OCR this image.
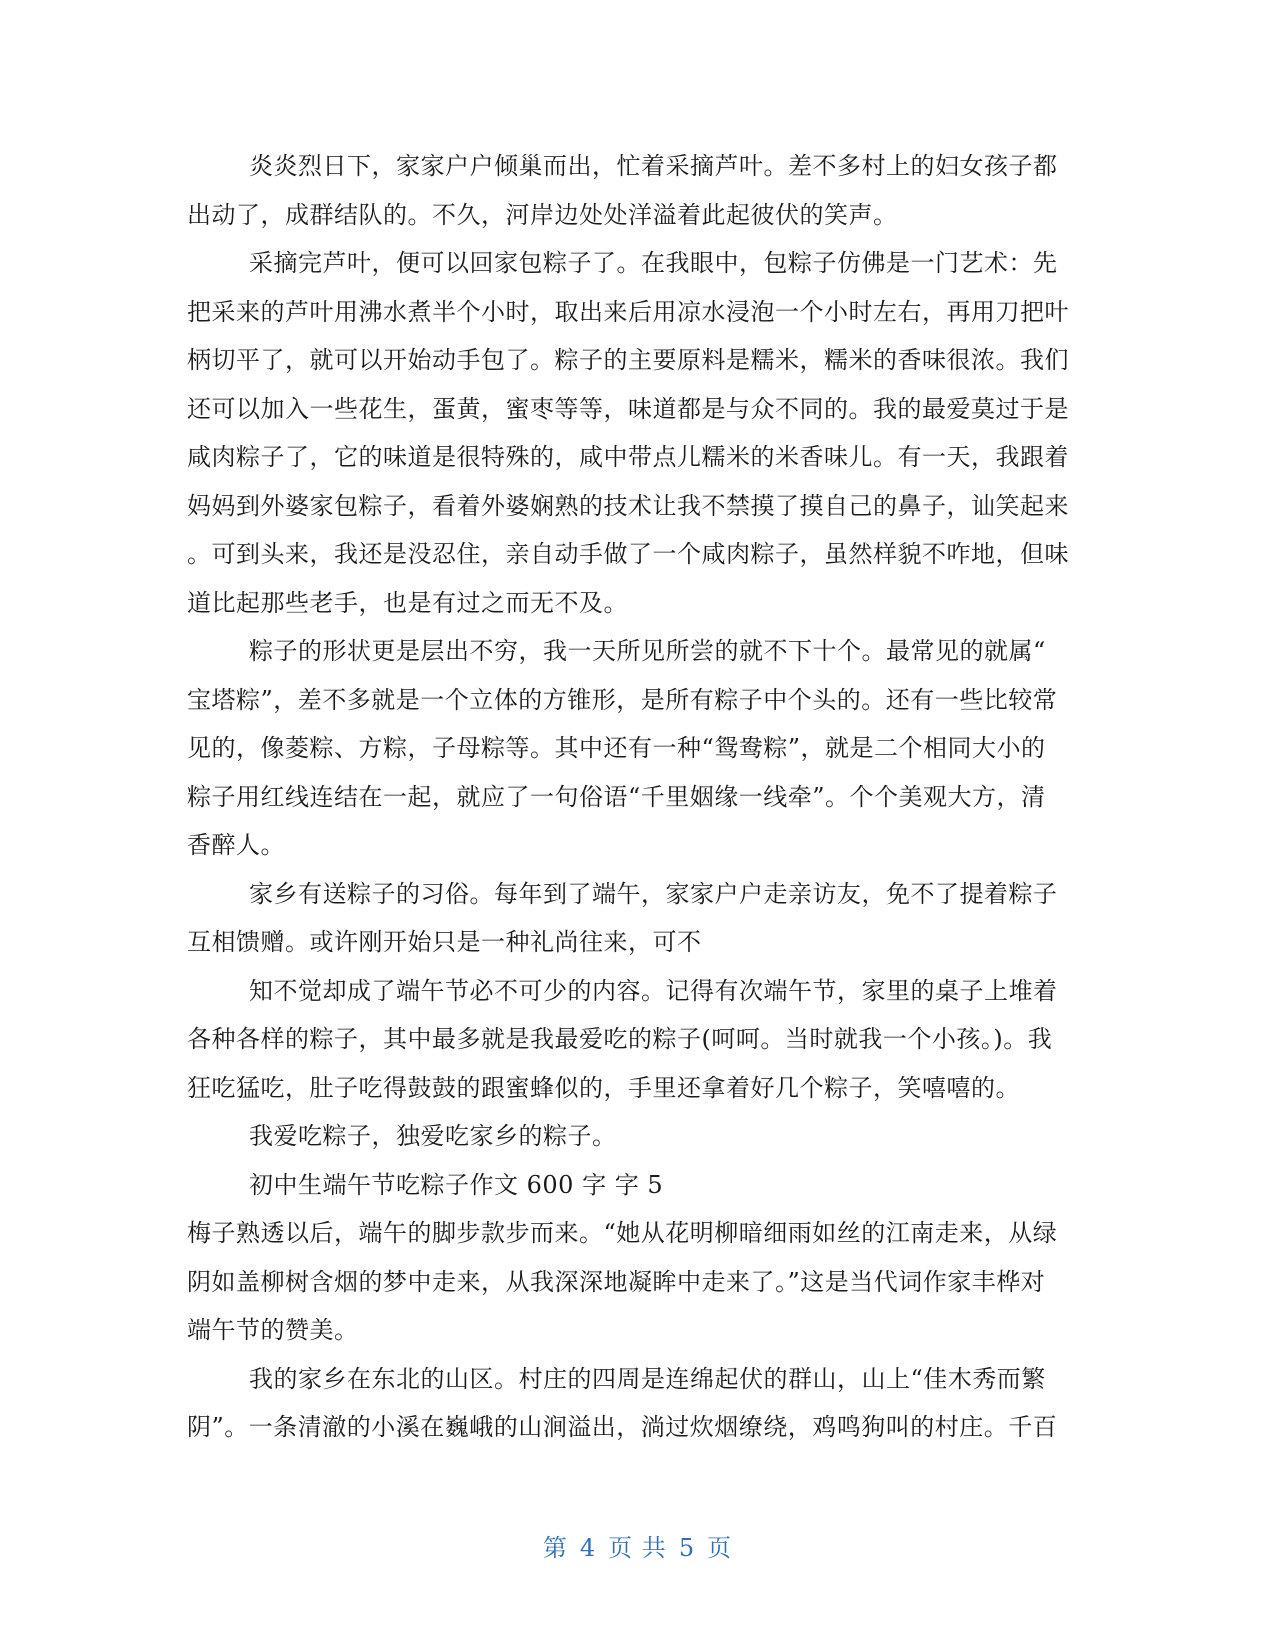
炎炎烈日下，家家户户倾巢而出，忙着采摘芦叶。差不多村上的妇女孩子都
出动了，成群结队的。不久，河岸边处处洋溢着此起彼伏的笑声。
采摘完芦叶，便可以回家包粽子了。在我眼中，包粽子仿佛是一门艺术：先
把采来的芦叶用沸水煮半个小时，取出来后用凉水浸泡一个小时左右，再用刀把叶
柄切平了，就可以开始动手包了。粽子的主要原料是糯米，糯米的香味很浓。我们
还可以加入一些花生，蛋黄，蜜枣等等，味道都是与众不同的。我的最爱莫过于是
咸肉粽子了，它的味道是很特殊的，咸中带点儿糯米的米香味儿。有一天，我跟着
妈妈到外婆家包粽子，看着外婆娴熟的技术让我不禁摸了摸自己的鼻子，讪笑起来
。可到头来，我还是没忍住，亲自动手做了一个咸肉粽子，虽然样貌不咋地，但味
道比起那些老手，也是有过之而无不及。
粽子的形状更是层出不穷，我一天所见所尝的就不下十个。最常见的就属“
宝塔粽”，差不多就是一个立体的方锥形，是所有粽子中个头的。还有一些比较常
见的，像菱粽、方粽，子母粽等。其中还有一种“鸳鸯粽”，就是二个相同大小的
粽子用红线连结在一起，就应了一句俗语“千里姻缘一线牵”。个个美观大方，清
香醉人。
家乡有送粽子的习俗。每年到了端午，家家户户走亲访友，免不了提着粽子
互相馈赠。或许刚开始只是一种礼尚往来，可不
知不觉却成了端午节必不可少的内容。记得有次端午节，家里的桌子上堆着
各种各样的粽子，其中最多就是我最爱吃的粽子(呵呵。当时就我一个小孩。)。我
狂吃猛吃，肚子吃得鼓鼓的跟蜜蜂似的，手里还拿着好几个粽子，笑嘻嘻的。
我爱吃粽子，独爱吃家乡的粽子。
初中生端午节吃粽子作文 600 字 字 5
梅子熟透以后，端午的脚步款步而来。“她从花明柳暗细雨如丝的江南走来，从绿
阴如盖柳树含烟的梦中走来，从我深深地凝眸中走来了。”这是当代词作家丰桦对
端午节的赞美。
我的家乡在东北的山区。村庄的四周是连绵起伏的群山，山上“佳木秀而繁
阴”。一条清澈的小溪在巍峨的山涧溢出，淌过炊烟缭绕，鸡鸣狗叫的村庄。千百
第 4 页 共 5 页
